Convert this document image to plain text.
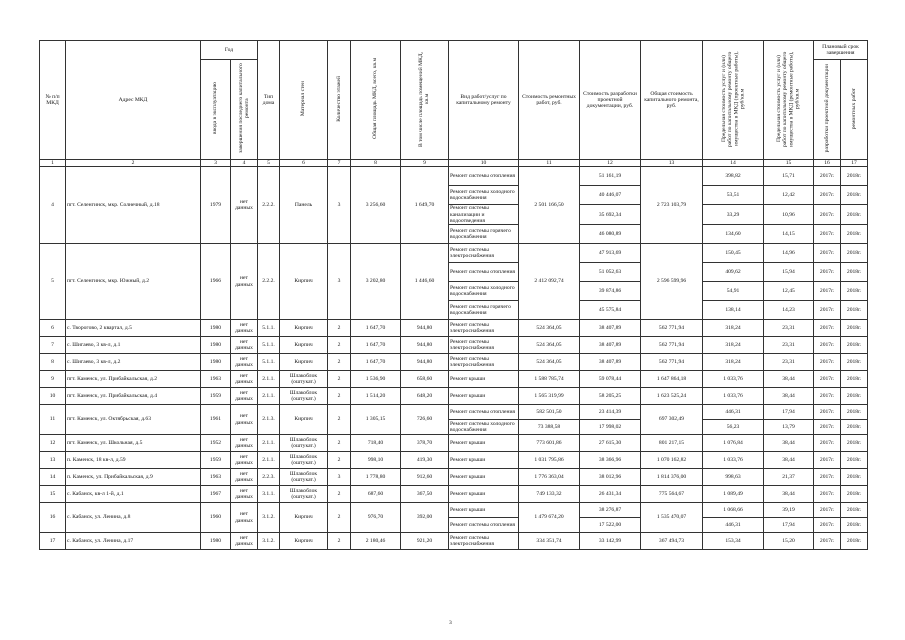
№ п/п МКД	Адрес МКД	Год		Тип дома	Материал стен	Количество этажей	Общая площадь МКД, всего, кв.м	В том числе площадь помещений МКД, кв.м	Вид работ/услуг по капитальному ремонту	Стоимость ремонтных работ, руб.	Стоимость разработки проектной документации, руб.	Общая стоимость капитального ремонта, руб.	Предельная стоимость услуг и (или) работ по капитальному ремонту общего имущества в МКД (проектные работы), руб/кв.м	Предельная стоимость услуг и (или) работ по капитальному ремонту общего имущества в МКД (ремонтные работы), руб/кв.м	Плановый срок завершения	
		ввода в эксплуатацию	завершения последнего капитального ремонта												разработки проектной документации	ремонтных работ
1	2	3	4	5	6	7	8	9	10	11	12	13	14	15	16	17
4	пгт. Селенгинск, мкр. Солнечный, д.18	1979	нет данных	2.2.2.	Панель	3	3 256,60	1 649,70	Ремонт системы отопления	2 501 166,50	51 161,19	2 723 103,79	398,82	15,71	2017г.	2018г.
									Ремонт системы холодного водоснабжения		40 446,07		53,51	12,42	2017г.	2018г.
									Ремонт системы канализации и водоотведения		35 692,34		33,29	10,96	2017г.	2018г.
									Ремонт системы горячего водоснабжения		46 080,89		134,60	14,15	2017г.	2018г.
5	пгт. Селенгинск, мкр. Южный, д.2	1966	нет данных	2.2.2.	Кирпич	3	3 202,80	1 446,60	Ремонт системы электроснабжения	2 412 092,74	47 913,69	2 596 599,96	150,45	14,96	2017г.	2018г.
									Ремонт системы отопления		51 052,63		409,62	15,94	2017г.	2018г.
									Ремонт системы холодного водоснабжения		39 874,86		54,91	12,45	2017г.	2018г.
									Ремонт системы горячего водоснабжения		45 575,84		138,14	14,23	2017г.	2018г.
6	с. Творогово, 2 квартал, д.5	1980	нет данных	5.1.1.	Кирпич	2	1 647,70	944,80	Ремонт системы электроснабжения	524 364,05	38 407,89	562 771,94	318,24	23,31	2017г.	2018г.
7	с. Шигаево, 3 кв-л, д.1	1980	нет данных	5.1.1.	Кирпич	2	1 647,70	944,80	Ремонт системы электроснабжения	524 364,05	38 407,89	562 771,94	318,24	23,31	2017г.	2018г.
8	с. Шигаево, 3 кв-л, д.2	1980	нет данных	5.1.1.	Кирпич	2	1 647,70	944,80	Ремонт системы электроснабжения	524 364,05	38 407,89	562 771,94	318,24	23,31	2017г.	2018г.
9	пгт. Каменск, ул. Прибайкальская, д.2	1963	нет данных	2.1.1.	Шлакоблок (оштукат.)	2	1 536,90	658,60	Ремонт крыши	1 588 785,74	59 078,44	1 647 864,18	1 033,76	38,44	2017г.	2018г.
10	пгт. Каменск, ул. Прибайкальская, д.4	1959	нет данных	2.1.1.	Шлакоблок (оштукат.)	2	1 514,20	648,20	Ремонт крыши	1 565 319,99	58 205,25	1 623 525,24	1 033,76	38,44	2017г.	2018г.
11	пгт. Каменск, ул. Октябрьская, д.63	1961	нет данных	2.1.3.	Кирпич	2	1 305,15	726,60	Ремонт системы отопления	582 501,50	23 414,39	697 302,49	446,31	17,94	2017г.	2018г.
									Ремонт системы холодного водоснабжения	73 388,58	17 998,02		56,23	13,79	2017г.	2018г.
12	пгт. Каменск, ул. Школьная, д.5	1952	нет данных	2.1.1.	Шлакоблок (оштукат.)	2	718,40	378,70	Ремонт крыши	773 601,86	27 615,30	801 217,15	1 076,84	38,44	2017г.	2018г.
13	п. Каменск, 18 кв-л, д.59	1959	нет данных	2.1.1.	Шлакоблок (оштукат.)	2	998,10	419,30	Ремонт крыши	1 031 795,86	38 366,96	1 070 162,82	1 033,76	38,44	2017г.	2018г.
14	п. Каменск, ул. Прибайкальская, д.9	1963	нет данных	2.2.3.	Шлакоблок (оштукат.)	3	1 778,80	912,60	Ремонт крыши	1 776 363,04	38 012,96	1 814 376,00	998,63	21,37	2017г.	2018г.
15	с. Кабанск, кв-л 1-й, д.1	1967	нет данных	3.1.1.	Шлакоблок (оштукат.)	2	687,60	367,50	Ремонт крыши	749 133,32	26 431,34	775 564,67	1 089,49	38,44	2017г.	2018г.
16	с. Кабанск, ул. Ленина, д.8	1960	нет данных	3.1.2.	Кирпич	2	976,70	392,00	Ремонт крыши	1 479 674,20	38 276,87	1 535 470,07	1 068,66	39,19	2017г.	2018г.
									Ремонт системы отопления		17 522,00		446,31	17,94	2017г.	2018г.
17	с. Кабанск, ул. Ленина, д.17	1980	нет данных	3.1.2.	Кирпич	2	2 180,46	921,20	Ремонт системы электроснабжения	334 351,74	33 142,99	367 494,73	153,34	15,20	2017г.	2018г.
3
